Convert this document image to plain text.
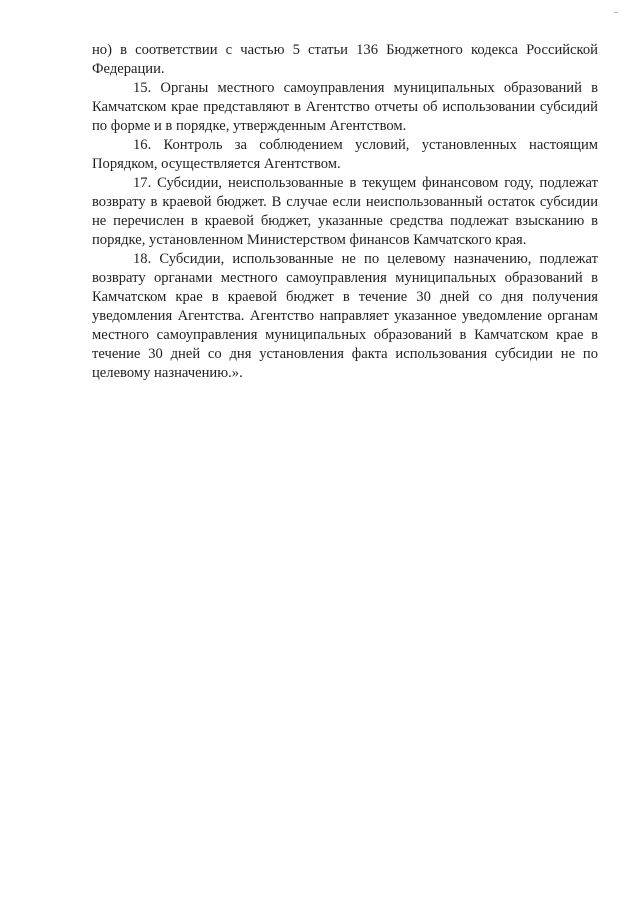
но) в соответствии с частью 5 статьи 136 Бюджетного кодекса Российской Федерации.

15. Органы местного самоуправления муниципальных образований в Камчатском крае представляют в Агентство отчеты об использовании субсидий по форме и в порядке, утвержденным Агентством.

16. Контроль за соблюдением условий, установленных настоящим Порядком, осуществляется Агентством.

17. Субсидии, неиспользованные в текущем финансовом году, подлежат возврату в краевой бюджет. В случае если неиспользованный остаток субсидии не перечислен в краевой бюджет, указанные средства подлежат взысканию в порядке, установленном Министерством финансов Камчатского края.

18. Субсидии, использованные не по целевому назначению, подлежат возврату органами местного самоуправления муниципальных образований в Камчатском крае в краевой бюджет в течение 30 дней со дня получения уведомления Агентства. Агентство направляет указанное уведомление органам местного самоуправления муниципальных образований в Камчатском крае в течение 30 дней со дня установления факта использования субсидии не по целевому назначению.».
